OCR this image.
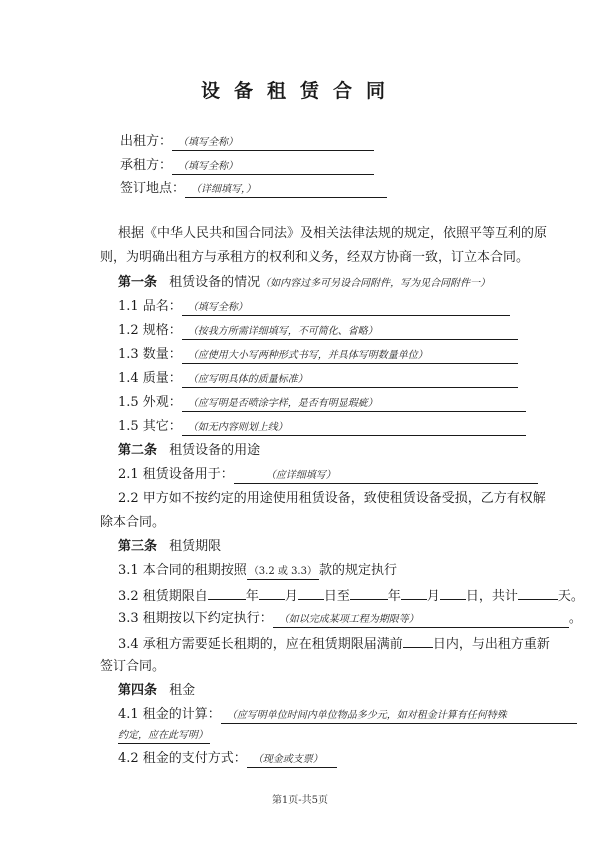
设备租赁合同
出租方： （填写全称）
承租方： （填写全称）
签订地点： （详细填写，）
根据《中华人民共和国合同法》及相关法律法规的规定，依照平等互利的原
则，为明确出租方与承租方的权利和义务，经双方协商一致，订立本合同。
第一条 租赁设备的情况（如内容过多可另设合同附件，写为见合同附件一）
1.1 品名： （填写全称）
1.2 规格： （按我方所需详细填写，不可简化、省略）
1.3 数量： （应使用大小写两种形式书写，并具体写明数量单位）
1.4 质量： （应写明具体的质量标准）
1.5 外观： （应写明是否喷涂字样，是否有明显瑕疵）
1.5 其它： （如无内容则划上线）
第二条 租赁设备的用途
2.1 租赁设备用于：	（应详细填写）
2.2 甲方如不按约定的用途使用租赁设备，致使租赁设备受损，乙方有权解
除本合同。
第三条 租赁期限
3.1 本合同的租期按照 （3.2 或 3.3） 款的规定执行
3.2 租赁期限自	年 月 日至	年 月 日，共计	天。
3.3 租期按以下约定执行： （如以完成某项工程为期限等）	。
3.4 承租方需要延长租期的，应在租赁期限届满前 日内，与出租方重新
签订合同。
第四条 租金
4.1 租金的计算： （应写明单位时间内单位物品多少元，如对租金计算有任何特殊
约定，应在此写明）
4.2 租金的支付方式： （现金或支票）
第1页-共5页
